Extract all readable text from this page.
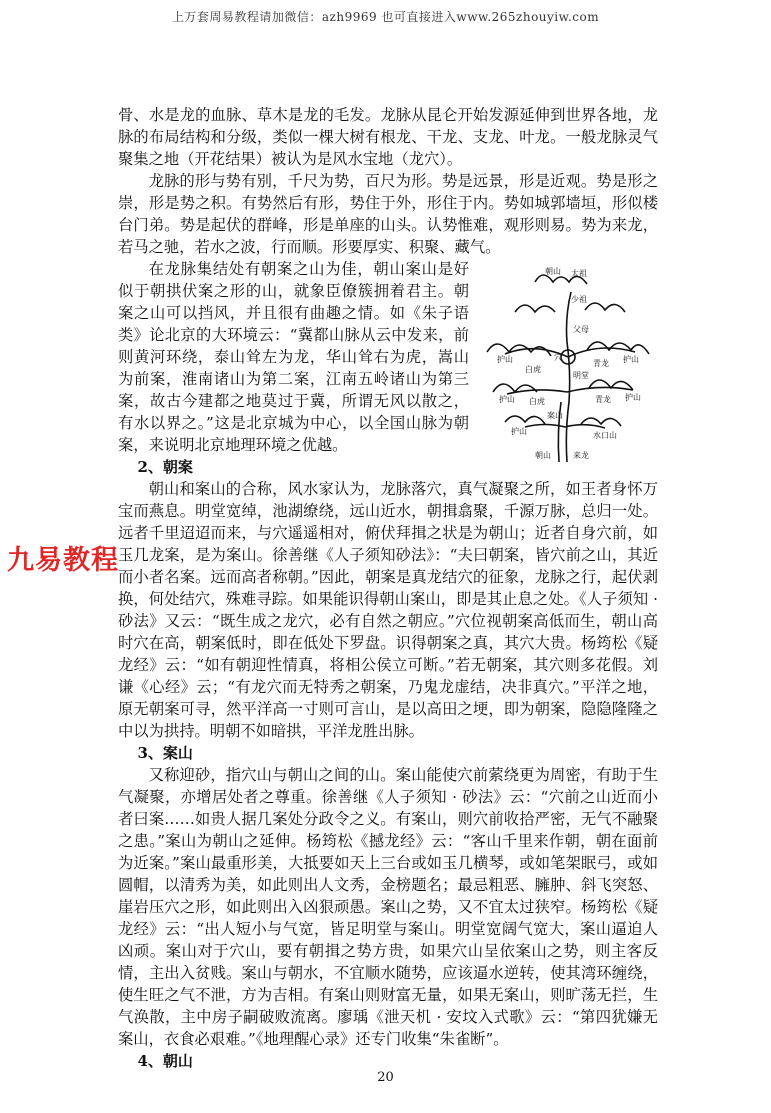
上万套周易教程请加微信：azh9969 也可直接进入www.265zhouyiw.com

骨、水是龙的血脉、草木是龙的毛发。龙脉从昆仑开始发源延伸到世界各地，龙脉的布局结构和分级，类似一棵大树有根龙、干龙、支龙、叶龙。一般龙脉灵气聚集之地（开花结果）被认为是风水宝地（龙穴）。

龙脉的形与势有别，千尺为势，百尺为形。势是远景，形是近观。势是形之崇，形是势之积。有势然后有形，势住于外，形住于内。势如城郭墙垣，形似楼台门弟。势是起伏的群峰，形是单座的山头。认势惟难，观形则易。势为来龙，若马之驰，若水之波，行而顺。形要厚实、积聚、藏气。

朝山 太祖
少祖
父母
护山
白虎
护山 白虎
护山
青龙 护山
青龙 护山
穴
明堂
案山
水口山
朝山	来龙
在龙脉集结处有朝案之山为佳，朝山案山是好似于朝拱伏案之形的山，就象臣僚簇拥着君主。朝案之山可以挡风，并且很有曲趣之情。如《朱子语类》论北京的大环境云：“冀都山脉从云中发来，前则黄河环绕，泰山耸左为龙，华山耸右为虎，嵩山为前案，淮南诸山为第二案，江南五岭诸山为第三案，故古今建都之地莫过于冀，所谓无风以散之，有水以界之。”这是北京城为中心，以全国山脉为朝案，来说明北京地理环境之优越。

2、朝案

朝山和案山的合称，风水家认为，龙脉落穴，真气凝聚之所，如王者身怀万宝而燕息。明堂宽绰，池湖缭绕，远山近水，朝揖翕聚，千源万脉，总归一处。远者千里迢迢而来，与穴遥遥相对，俯伏拜揖之状是为朝山；近者自身穴前，如玉几龙案，是为案山。徐善继《人子须知砂法》：“夫曰朝案，皆穴前之山，其近而小者名案。远而高者称朝。”因此，朝案是真龙结穴的征象，龙脉之行，起伏剥换，何处结穴，殊难寻踪。如果能识得朝山案山，即是其止息之处。《人子须知 · 砂法》又云：“既生成之龙穴，必有自然之朝应。”穴位视朝案高低而生，朝山高时穴在高，朝案低时，即在低处下罗盘。识得朝案之真，其穴大贵。杨筠松《疑龙经》云：“如有朝迎性情真，将相公侯立可断。”若无朝案，其穴则多花假。刘谦《心经》云；“有龙穴而无特秀之朝案，乃鬼龙虚结，决非真穴。”平洋之地，原无朝案可寻，然平洋高一寸则可言山，是以高田之埂，即为朝案，隐隐隆隆之中以为拱持。明朝不如暗拱，平洋龙胜出脉。

3、案山

又称迎砂，指穴山与朝山之间的山。案山能使穴前萦绕更为周密，有助于生气凝聚，亦增居处者之尊重。徐善继《人子须知 · 砂法》云：“穴前之山近而小者曰案……如贵人据几案处分政令之义。有案山，则穴前收拾严密，无气不融聚之患。”案山为朝山之延伸。杨筠松《撼龙经》云：“客山千里来作朝，朝在面前为近案。”案山最重形美，大抵要如天上三台或如玉几横琴，或如笔架眠弓，或如圆帽，以清秀为美，如此则出人文秀，金榜题名；最忌粗恶、臃肿、斜飞突怒、崖岩压穴之形，如此则出入凶狠顽愚。案山之势，又不宜太过狭窄。杨筠松《疑龙经》云：“出人短小与气宽，皆足明堂与案山。明堂宽阔气宽大，案山逼迫人凶顽。案山对于穴山，要有朝揖之势方贵，如果穴山呈依案山之势，则主客反情，主出入贫贱。案山与朝水，不宜顺水随势，应该逼水逆转，使其湾环缠绕，使生旺之气不泄，方为吉相。有案山则财富无量，如果无案山，则旷荡无拦，生气涣散，主中房子嗣破败流离。廖瑀《泄天机 · 安坟入式歌》云：“第四犹嫌无案山，衣食必艰难。”《地理醒心录》还专门收集“朱雀断”。

4、朝山
九易教程
20
